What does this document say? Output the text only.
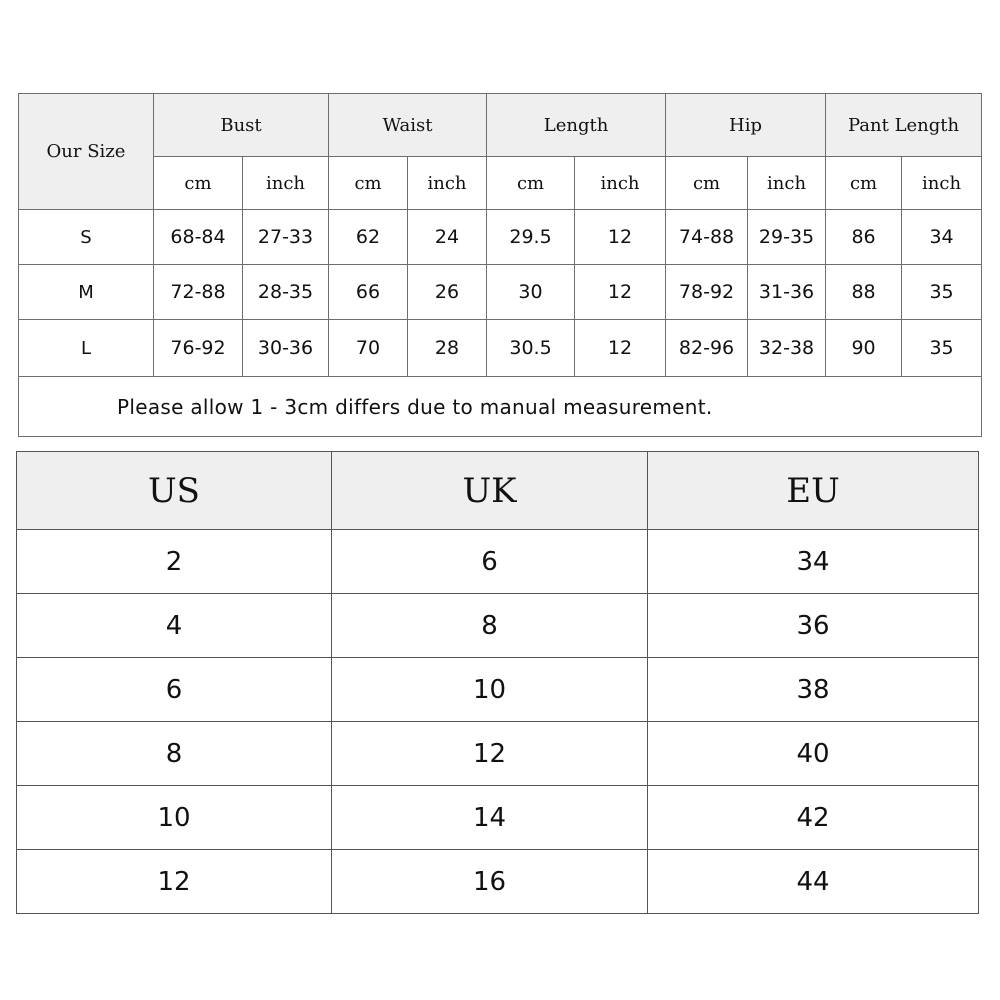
Our Size	Bust		Waist		Length		Hip		Pant Length	
	cm	inch	cm	inch	cm	inch	cm	inch	cm	inch
S	68-84	27-33	62	24	29.5	12	74-88	29-35	86	34
M	72-88	28-35	66	26	30	12	78-92	31-36	88	35
L	76-92	30-36	70	28	30.5	12	82-96	32-38	90	35
Please allow 1 - 3cm differs due to manual measurement.										
US	UK	EU
2	6	34
4	8	36
6	10	38
8	12	40
10	14	42
12	16	44
